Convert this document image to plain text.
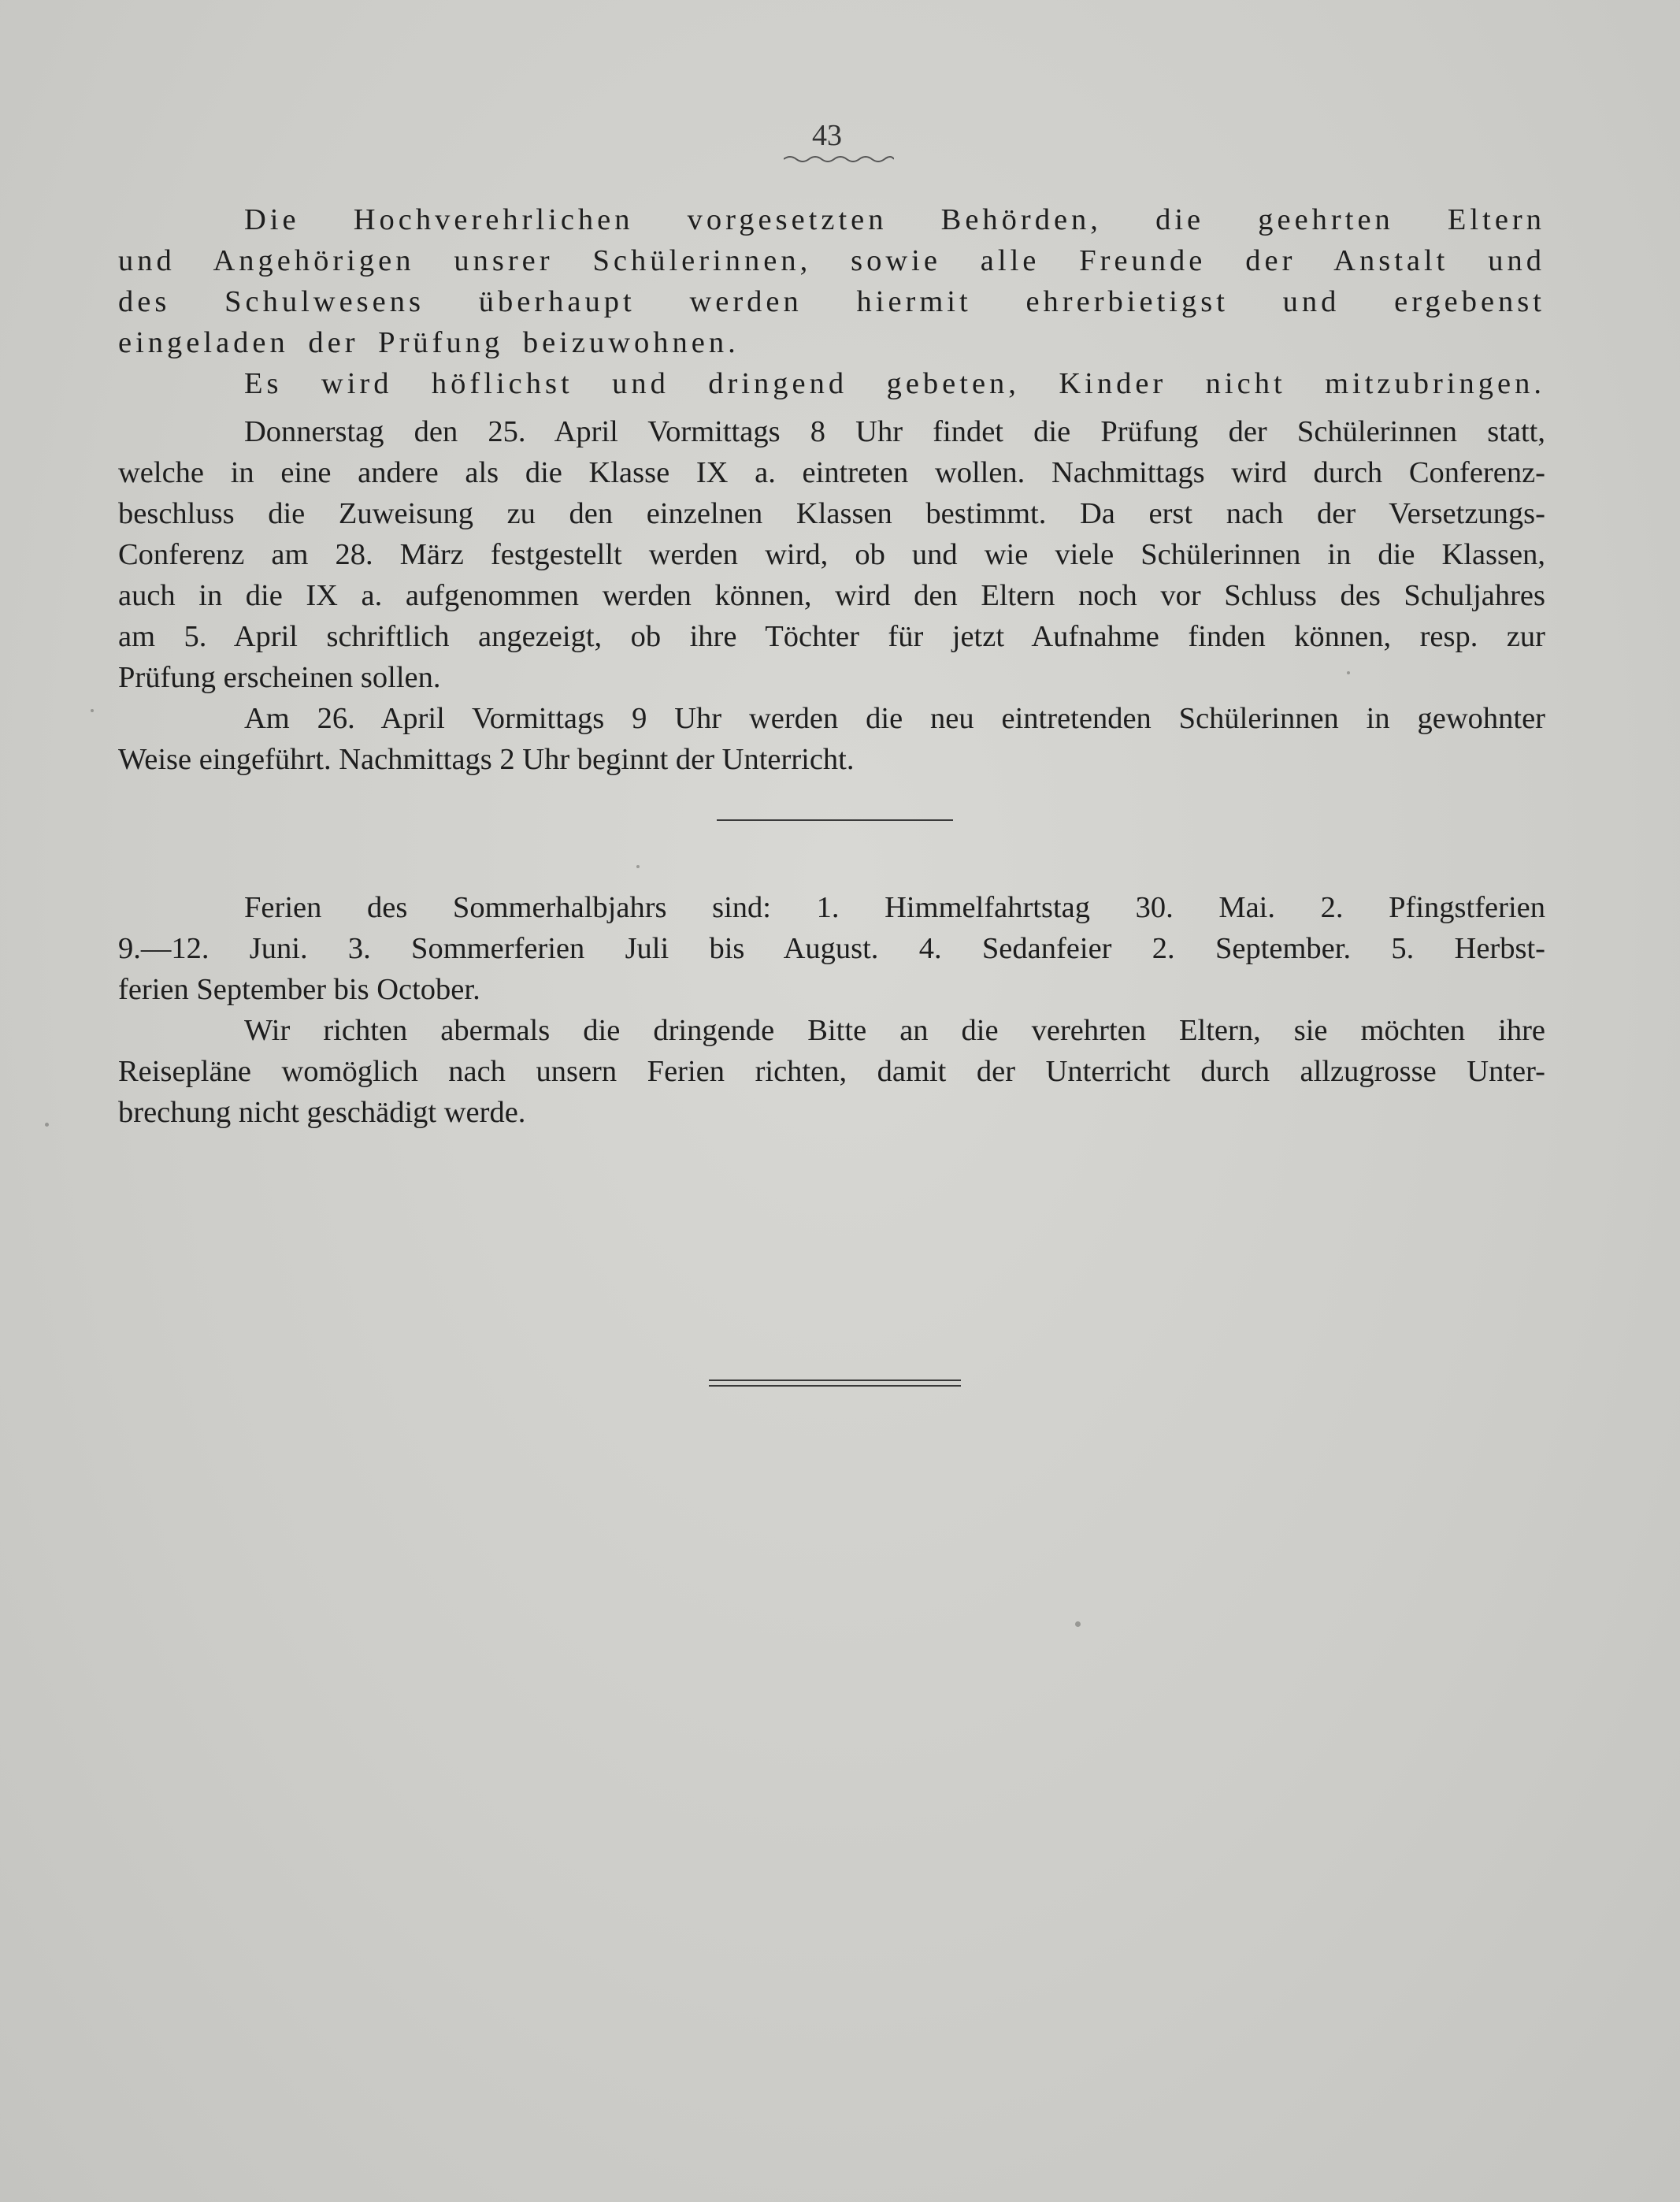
43
Die Hochverehrlichen vorgesetzten Behörden, die geehrten Eltern
und Angehörigen unsrer Schülerinnen, sowie alle Freunde der Anstalt und
des Schulwesens überhaupt werden hiermit ehrerbietigst und ergebenst
eingeladen der Prüfung beizuwohnen.
Es wird höflichst und dringend gebeten, Kinder nicht mitzubringen.
Donnerstag den 25. April Vormittags 8 Uhr findet die Prüfung der Schülerinnen statt,
welche in eine andere als die Klasse IX a. eintreten wollen. Nachmittags wird durch Conferenz-
beschluss die Zuweisung zu den einzelnen Klassen bestimmt. Da erst nach der Versetzungs-
Conferenz am 28. März festgestellt werden wird, ob und wie viele Schülerinnen in die Klassen,
auch in die IX a. aufgenommen werden können, wird den Eltern noch vor Schluss des Schuljahres
am 5. April schriftlich angezeigt, ob ihre Töchter für jetzt Aufnahme finden können, resp. zur
Prüfung erscheinen sollen.
Am 26. April Vormittags 9 Uhr werden die neu eintretenden Schülerinnen in gewohnter
Weise eingeführt. Nachmittags 2 Uhr beginnt der Unterricht.
Ferien des Sommerhalbjahrs sind: 1. Himmelfahrtstag 30. Mai. 2. Pfingstferien
9.—12. Juni. 3. Sommerferien Juli bis August. 4. Sedanfeier 2. September. 5. Herbst-
ferien September bis October.
Wir richten abermals die dringende Bitte an die verehrten Eltern, sie möchten ihre
Reisepläne womöglich nach unsern Ferien richten, damit der Unterricht durch allzugrosse Unter-
brechung nicht geschädigt werde.
